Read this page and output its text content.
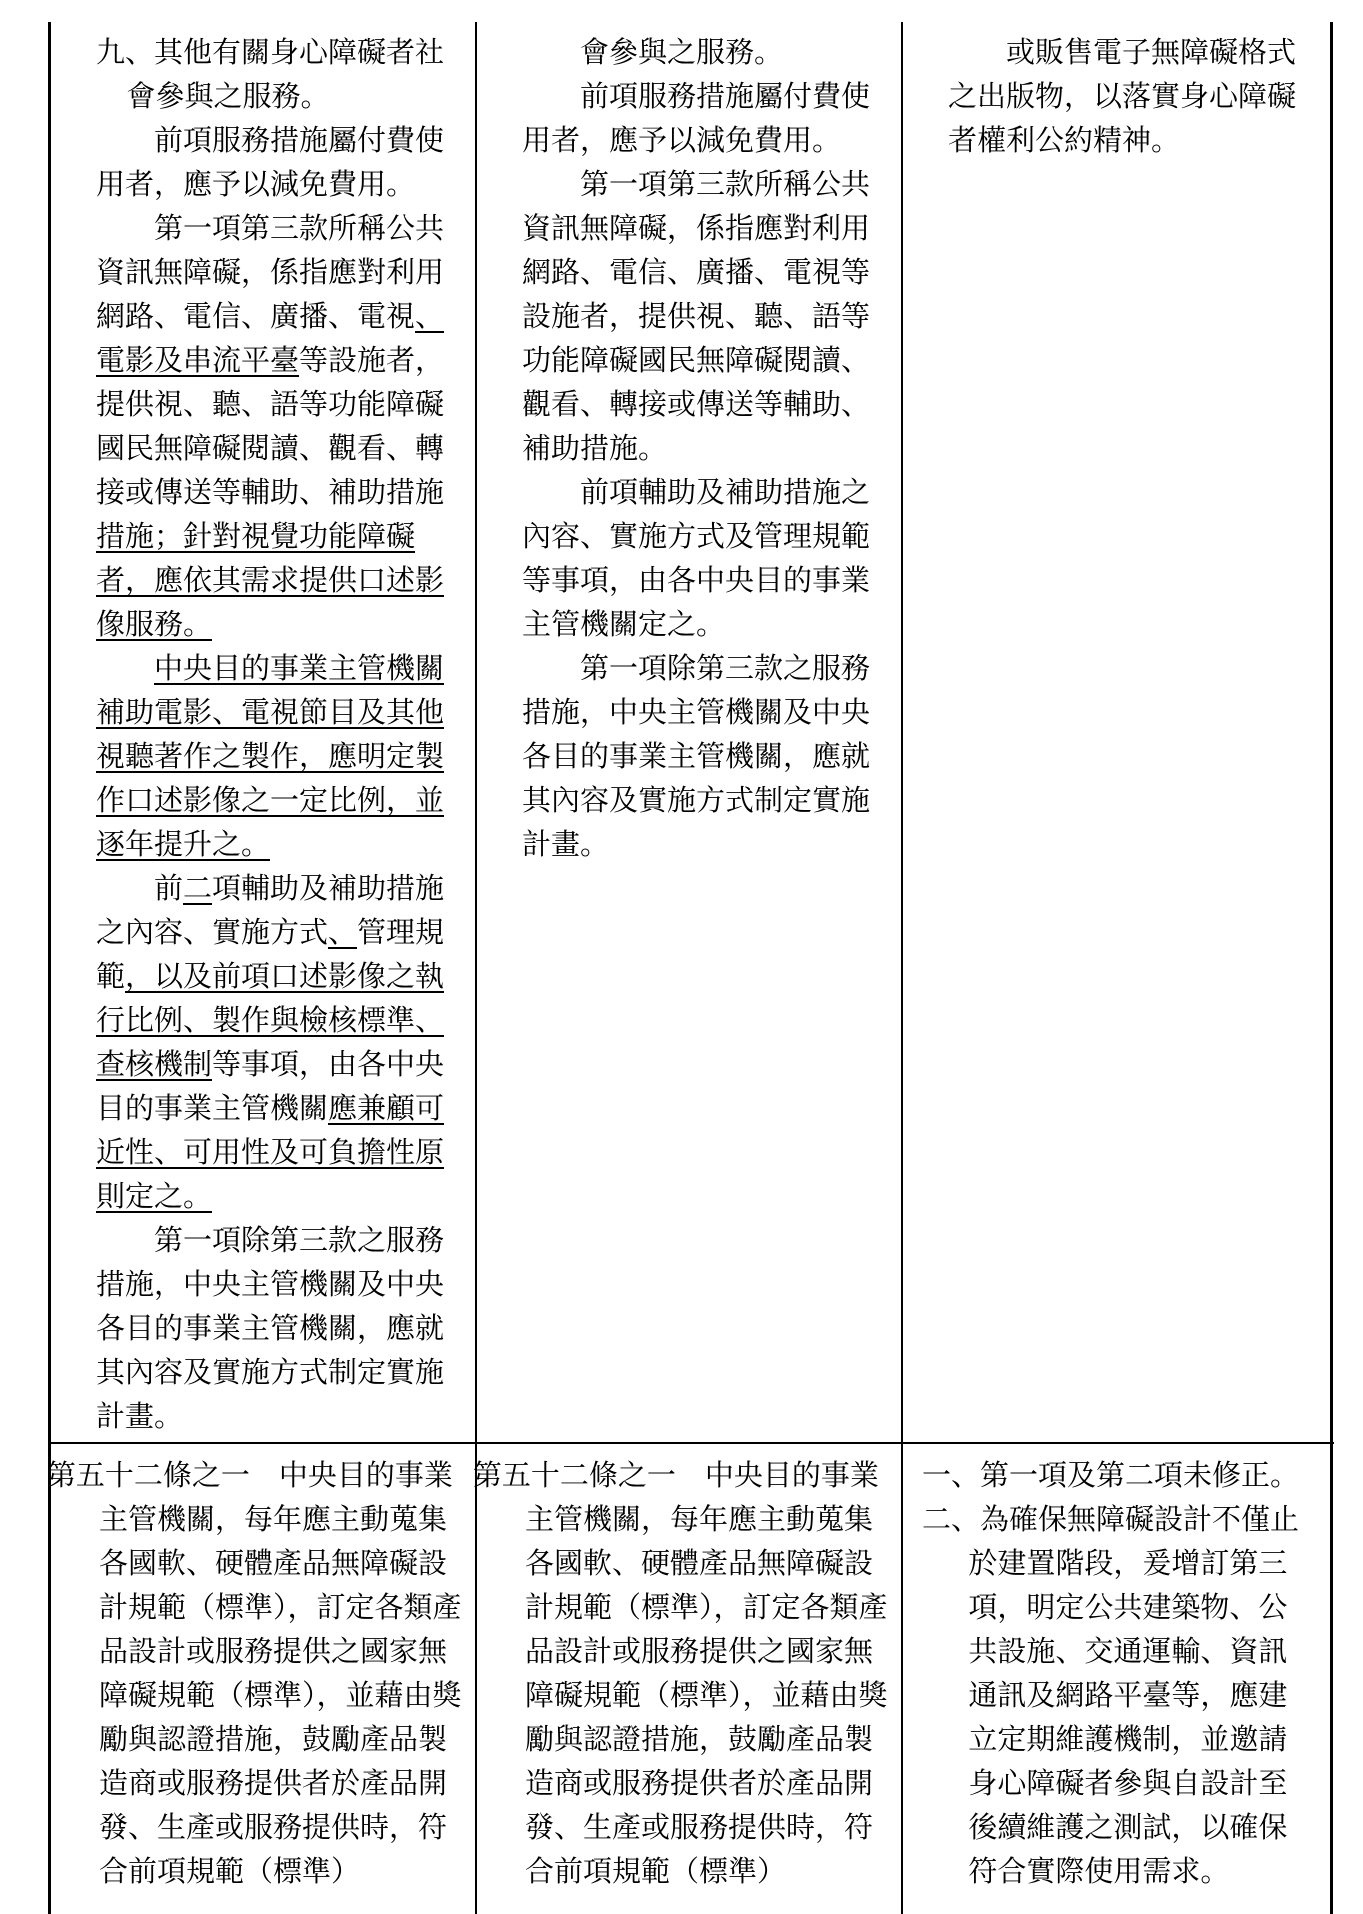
九、其他有關身心障礙者社會參與之服務。

前項服務措施屬付費使用者，應予以減免費用。

第一項第三款所稱公共資訊無障礙，係指應對利用網路、電信、廣播、電視、電影及串流平臺等設施者，提供視、聽、語等功能障礙國民無障礙閱讀、觀看、轉接或傳送等輔助、補助措施措施；針對視覺功能障礙者，應依其需求提供口述影像服務。

中央目的事業主管機關補助電影、電視節目及其他視聽著作之製作，應明定製作口述影像之一定比例，並逐年提升之。

前二項輔助及補助措施之內容、實施方式、管理規範，以及前項口述影像之執行比例、製作與檢核標準、查核機制等事項，由各中央目的事業主管機關應兼顧可近性、可用性及可負擔性原則定之。

第一項除第三款之服務措施，中央主管機關及中央各目的事業主管機關，應就其內容及實施方式制定實施計畫。

會參與之服務。

前項服務措施屬付費使用者，應予以減免費用。

第一項第三款所稱公共資訊無障礙，係指應對利用網路、電信、廣播、電視等設施者，提供視、聽、語等功能障礙國民無障礙閱讀、觀看、轉接或傳送等輔助、補助措施。

前項輔助及補助措施之內容、實施方式及管理規範等事項，由各中央目的事業主管機關定之。

第一項除第三款之服務措施，中央主管機關及中央各目的事業主管機關，應就其內容及實施方式制定實施計畫。

或販售電子無障礙格式之出版物，以落實身心障礙者權利公約精神。

第五十二條之一　中央目的事業主管機關，每年應主動蒐集各國軟、硬體產品無障礙設計規範（標準），訂定各類產品設計或服務提供之國家無障礙規範（標準），並藉由獎勵與認證措施，鼓勵產品製造商或服務提供者於產品開發、生產或服務提供時，符合前項規範（標準）

第五十二條之一　中央目的事業主管機關，每年應主動蒐集各國軟、硬體產品無障礙設計規範（標準），訂定各類產品設計或服務提供之國家無障礙規範（標準），並藉由獎勵與認證措施，鼓勵產品製造商或服務提供者於產品開發、生產或服務提供時，符合前項規範（標準）

一、第一項及第二項未修正。

二、為確保無障礙設計不僅止於建置階段，爰增訂第三項，明定公共建築物、公共設施、交通運輸、資訊通訊及網路平臺等，應建立定期維護機制，並邀請身心障礙者參與自設計至後續維護之測試，以確保符合實際使用需求。
